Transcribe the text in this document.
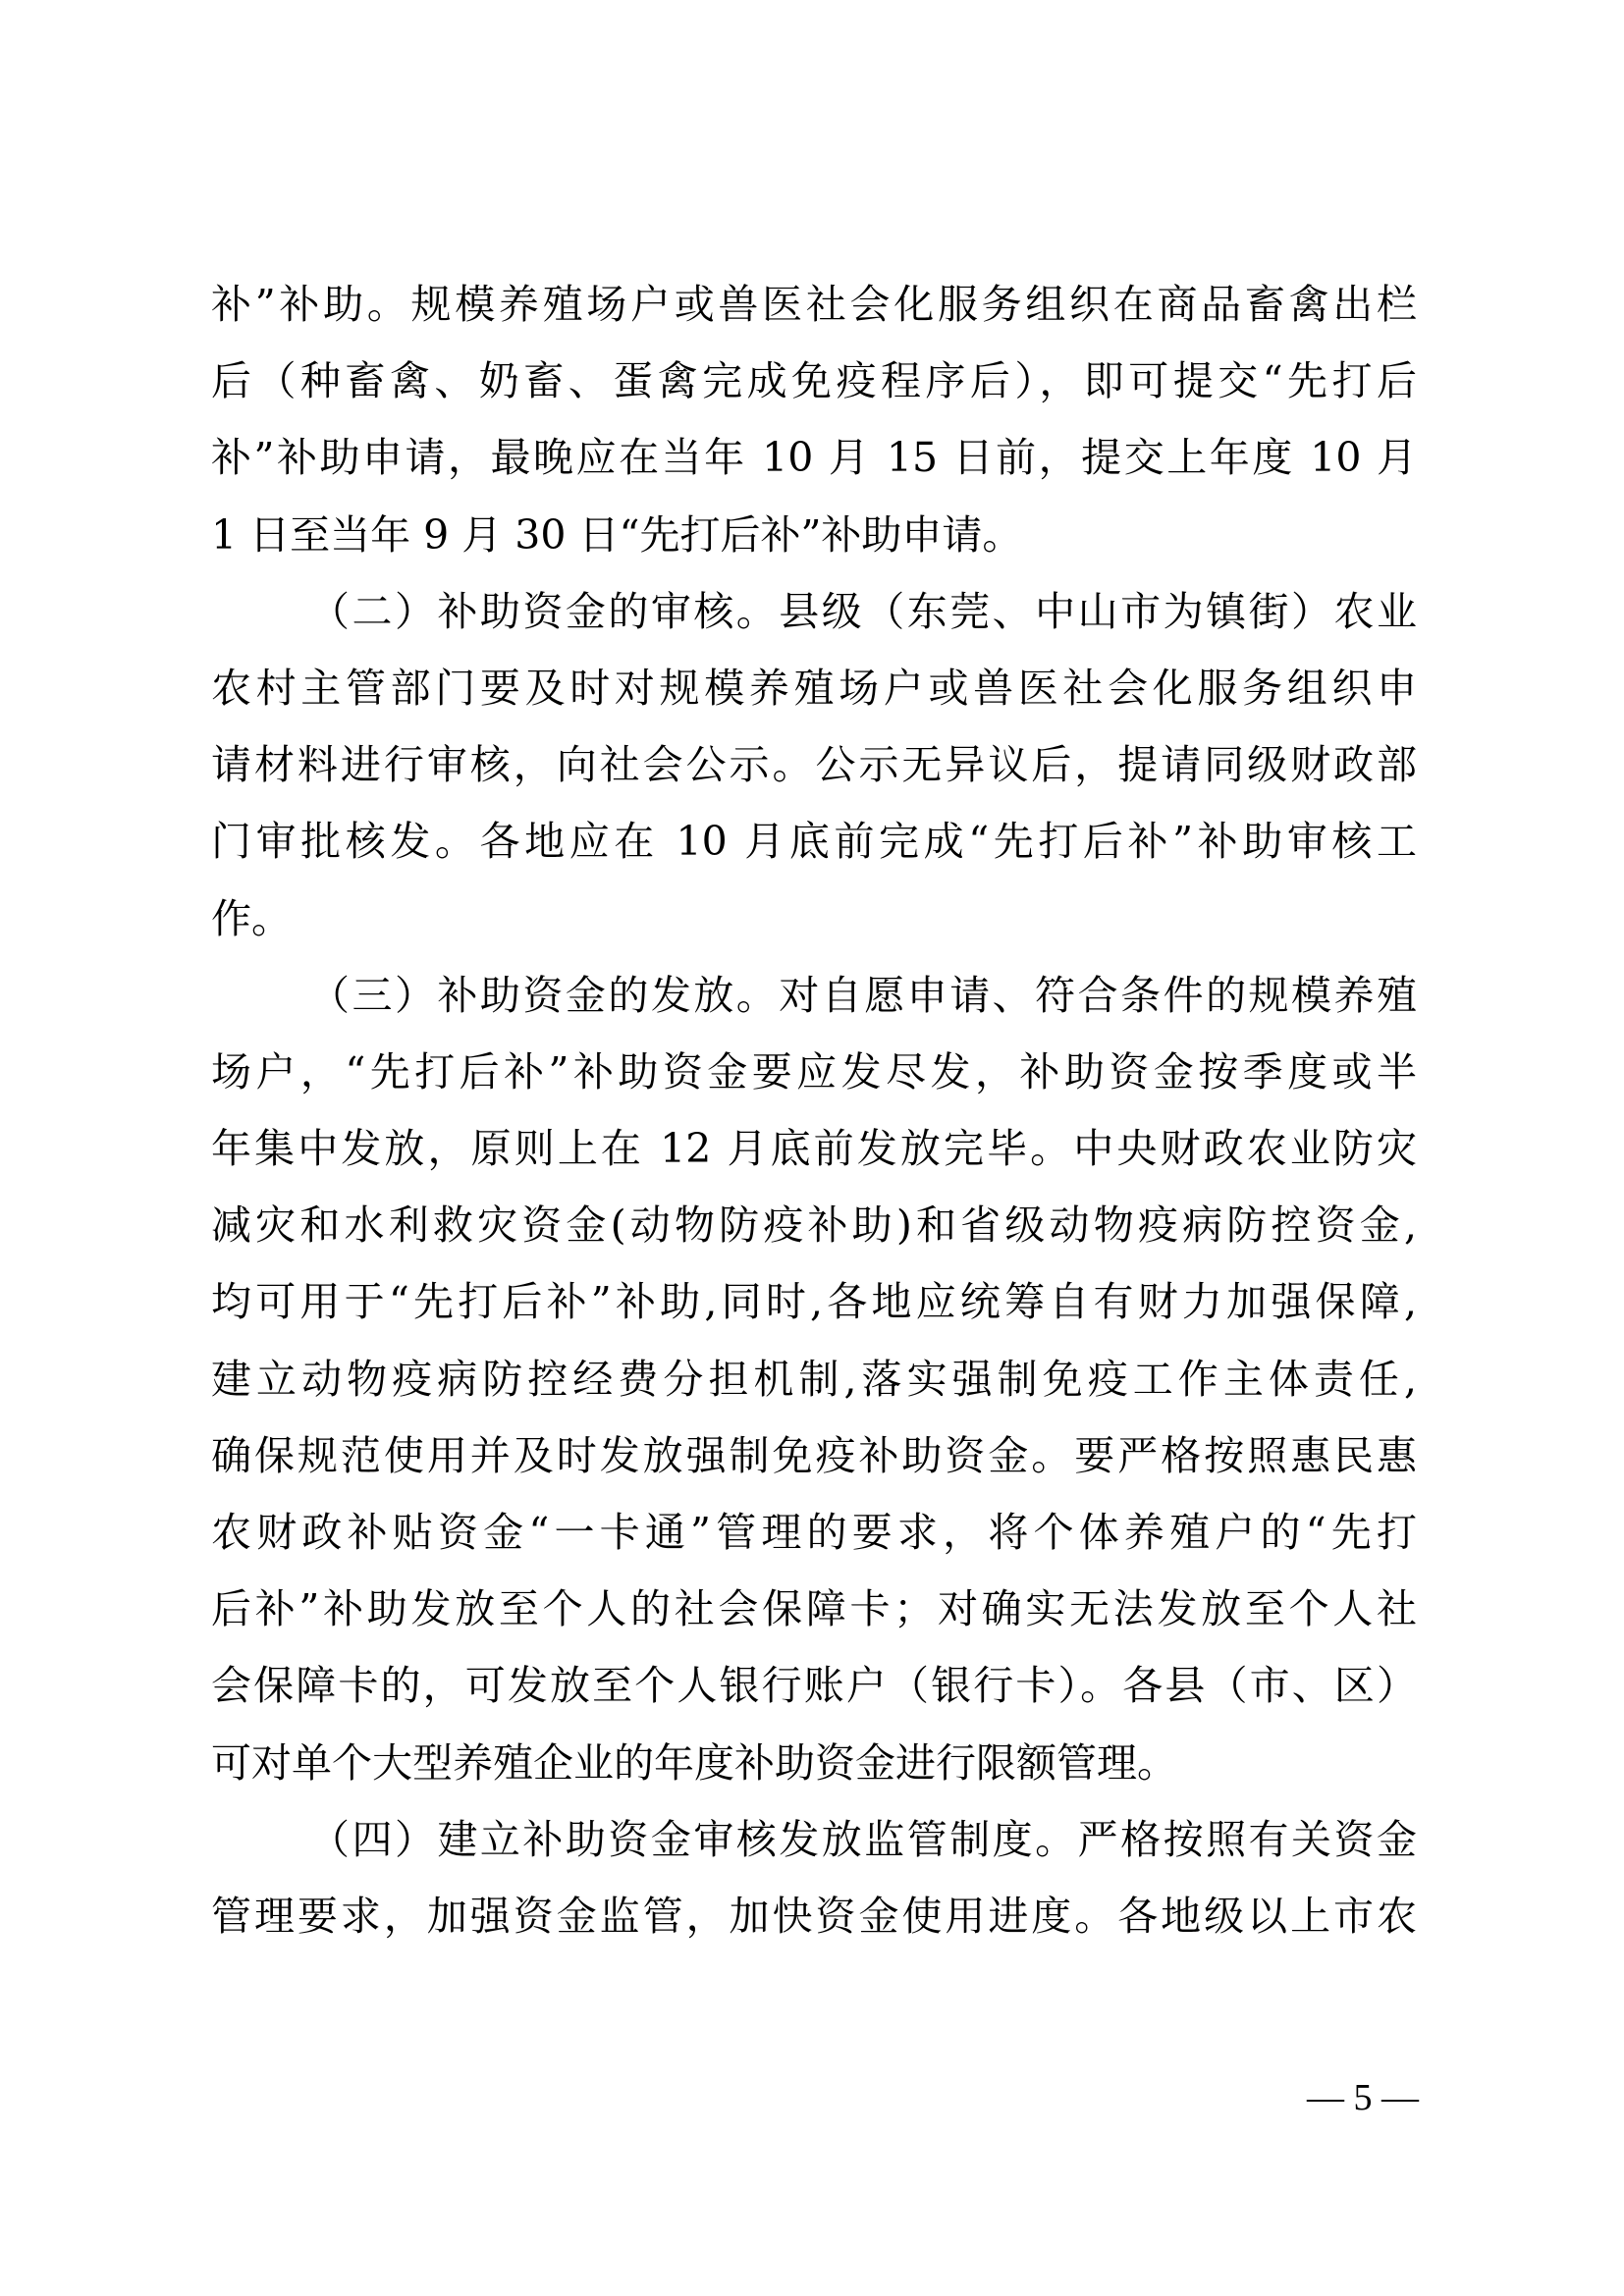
补”补助。规模养殖场户或兽医社会化服务组织在商品畜禽出栏
后（种畜禽、奶畜、蛋禽完成免疫程序后），即可提交“先打后
补”补助申请，最晚应在当年 10 月 15 日前，提交上年度 10 月
1 日至当年 9 月 30 日“先打后补”补助申请。
（二）补助资金的审核。县级（东莞、中山市为镇街）农业
农村主管部门要及时对规模养殖场户或兽医社会化服务组织申
请材料进行审核，向社会公示。公示无异议后，提请同级财政部
门审批核发。各地应在 10 月底前完成“先打后补”补助审核工
作。
（三）补助资金的发放。对自愿申请、符合条件的规模养殖
场户，“先打后补”补助资金要应发尽发，补助资金按季度或半
年集中发放，原则上在 12 月底前发放完毕。中央财政农业防灾
减灾和水利救灾资金(动物防疫补助)和省级动物疫病防控资金,
均可用于“先打后补”补助,同时,各地应统筹自有财力加强保障,
建立动物疫病防控经费分担机制,落实强制免疫工作主体责任,
确保规范使用并及时发放强制免疫补助资金。要严格按照惠民惠
农财政补贴资金“一卡通”管理的要求，将个体养殖户的“先打
后补”补助发放至个人的社会保障卡；对确实无法发放至个人社
会保障卡的，可发放至个人银行账户（银行卡）。各县（市、区）
可对单个大型养殖企业的年度补助资金进行限额管理。
（四）建立补助资金审核发放监管制度。严格按照有关资金
管理要求，加强资金监管，加快资金使用进度。各地级以上市农
— 5 —
